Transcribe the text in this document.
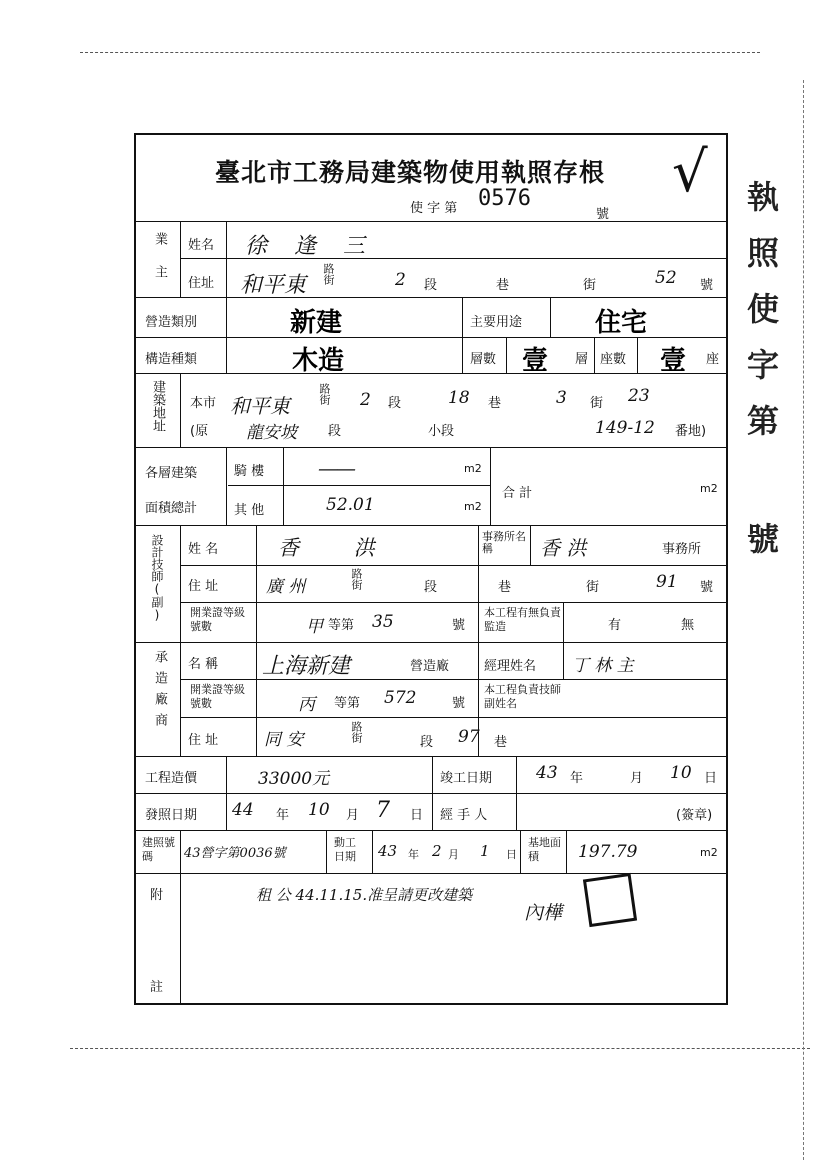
臺北市工務局建築物使用執照存根
使 字 第 0576
號
√
業主 姓名 徐 逢 三
住址 和平東 路街	2 段	巷	街	52 號
營造類別	新建	主要用途	住宅
構造種類	木造	層數 壹 層 座數 壹 座
建築地址 本市 和平東	路街 2 段	18 巷	3 街 23
(原 龍安坡 段	小段	149-12 番地)
各層建築
面積總計
騎 樓	——	m2
其 他	52.01	m2
合 計	m2
設計技師(副) 姓 名	香 洪	事務所名稱	香 洪	事務所
住 址	廣 州	路街	段	巷	街	91 號
開業證等級號數	甲 等第 35	號
本工程有無負責監造	有 無
承造廠商 名 稱 上海新建	營造廠	經理姓名 丁 林 主
開業證等級號數	丙 等第 572	號
本工程負責技師副姓名
住 址	同 安	路街	段 97 巷
工程造價	33000元	竣工日期	43 年	月 10 日
發照日期 44 年 10 月 7 日 經 手 人	(簽章)
建照號碼	43營字第0036號
動工日期	43 年 2 月 1 日
基地面積	197.79	m2
附
註
租 公 44.11.15.准呈請更改建築
內樺
執照使字第 號
